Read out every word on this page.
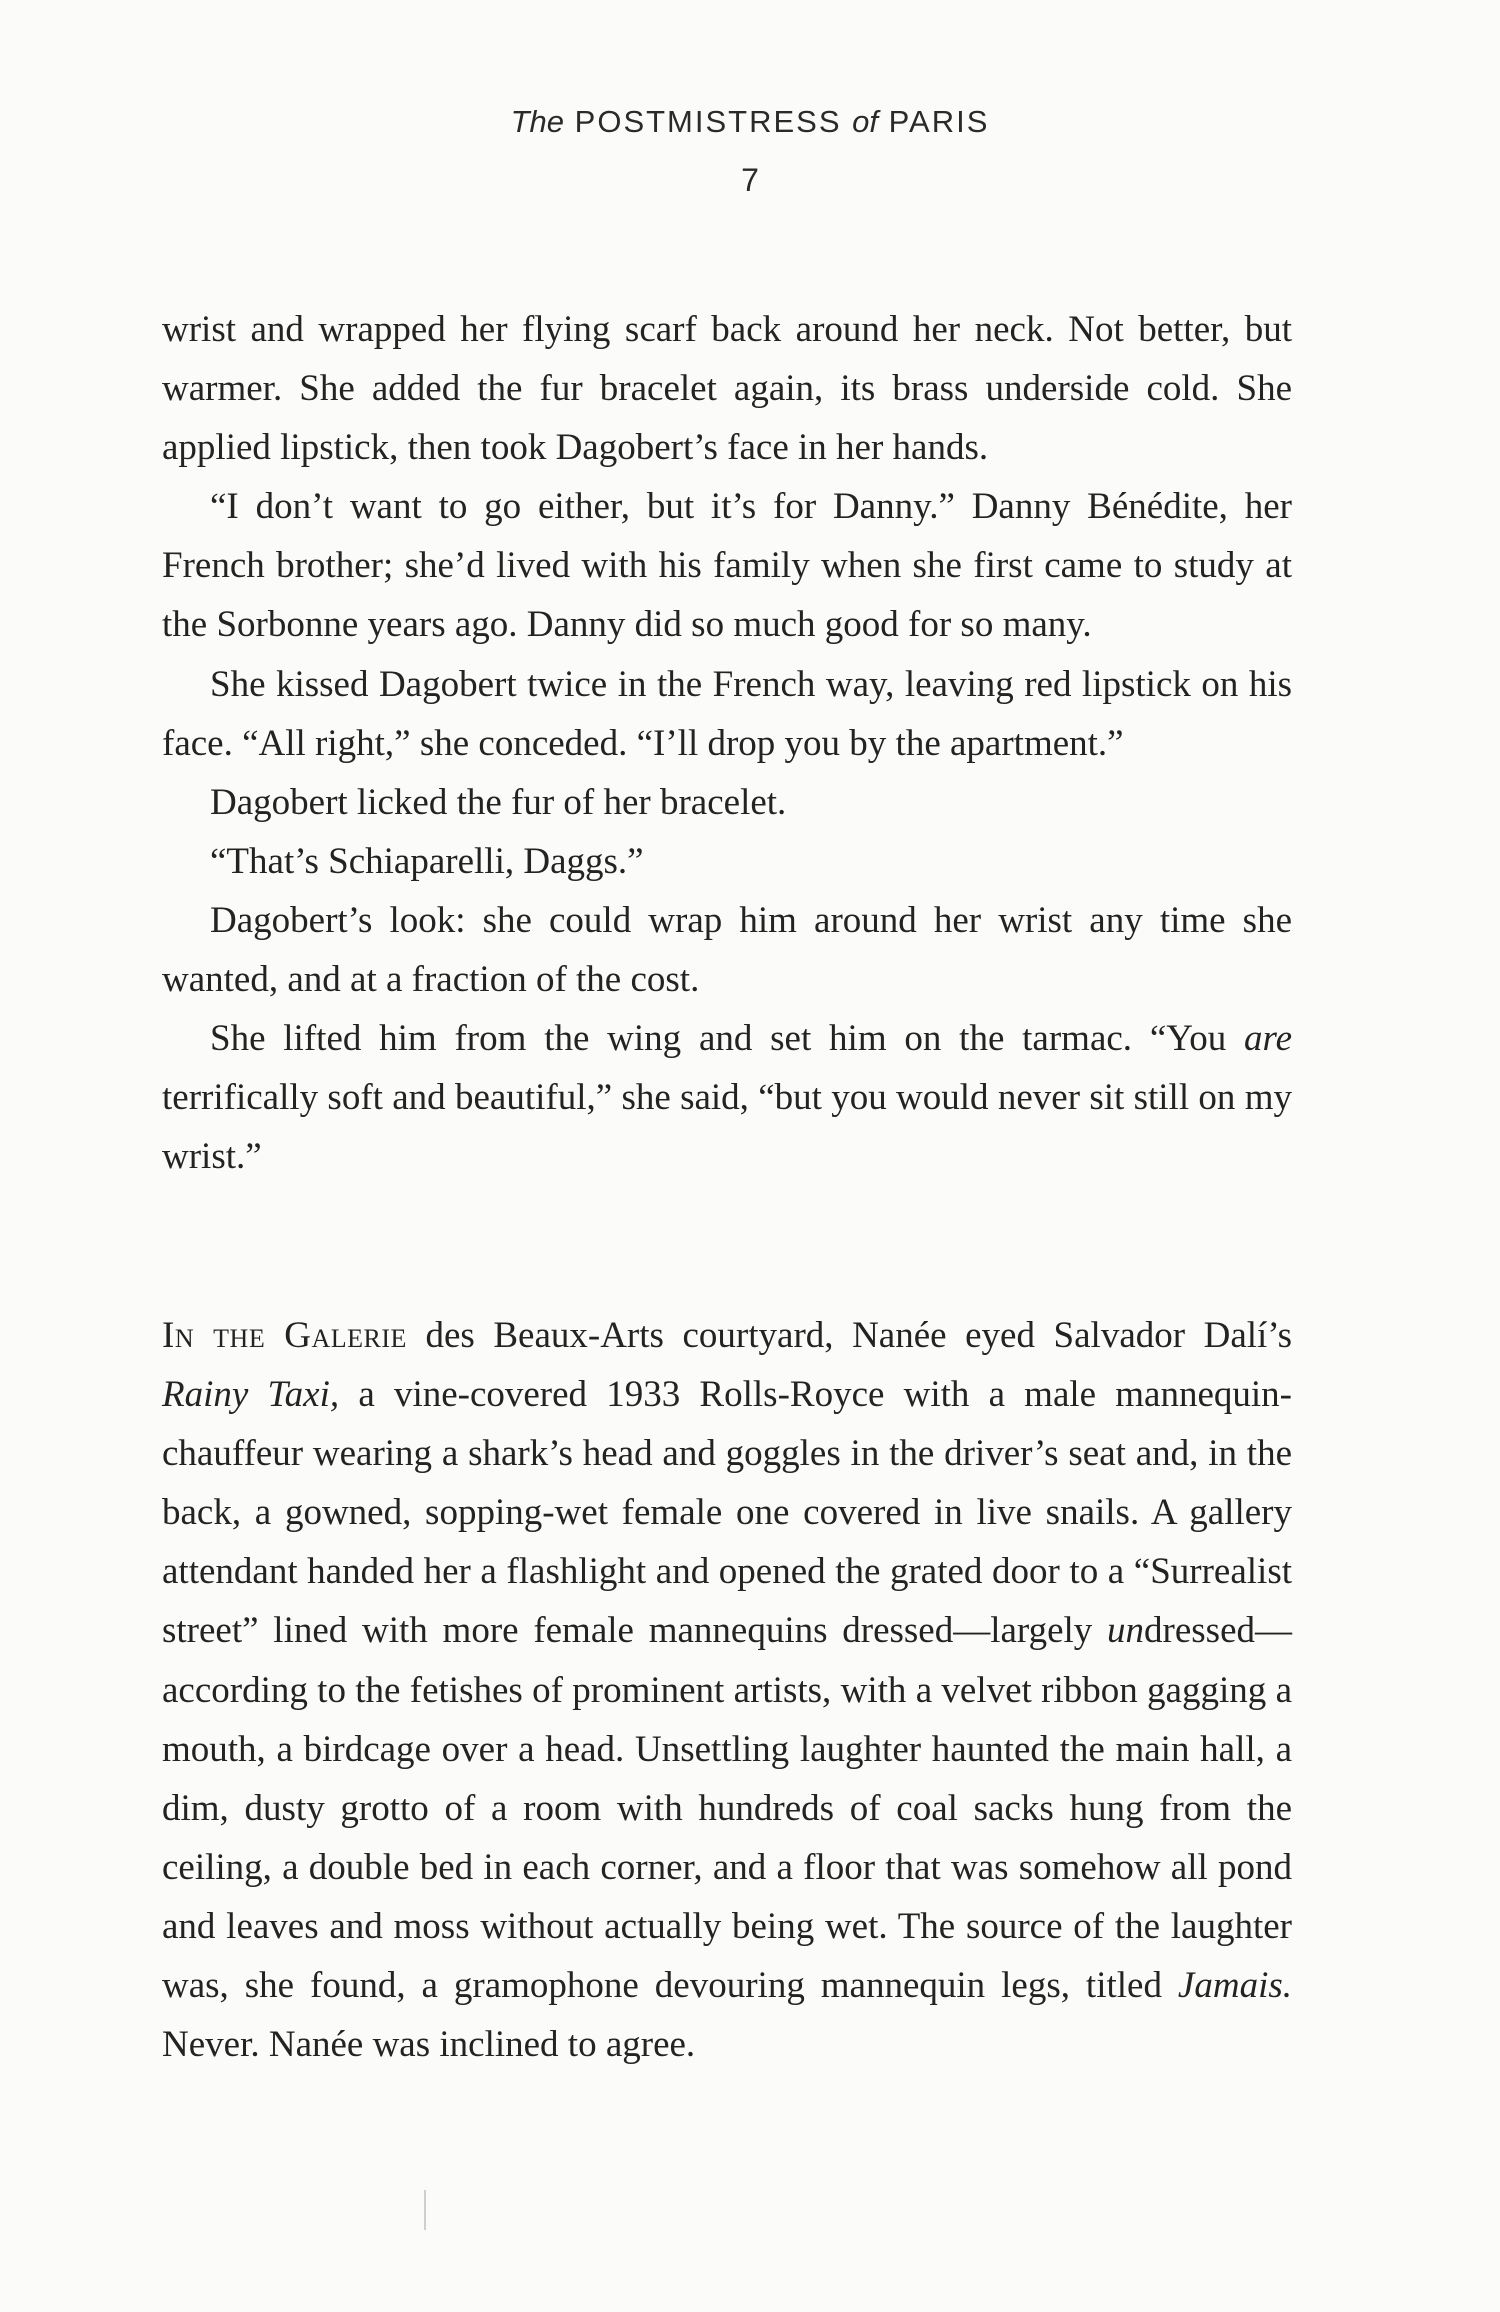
The POSTMISTRESS of PARIS
7

wrist and wrapped her flying scarf back around her neck. Not better, but warmer. She added the fur bracelet again, its brass underside cold. She applied lipstick, then took Dagobert’s face in her hands.

“I don’t want to go either, but it’s for Danny.” Danny Bénédite, her French brother; she’d lived with his family when she first came to study at the Sorbonne years ago. Danny did so much good for so many.

She kissed Dagobert twice in the French way, leaving red lipstick on his face. “All right,” she conceded. “I’ll drop you by the apartment.”

Dagobert licked the fur of her bracelet.

“That’s Schiaparelli, Daggs.”

Dagobert’s look: she could wrap him around her wrist any time she wanted, and at a fraction of the cost.

She lifted him from the wing and set him on the tarmac. “You are terrifically soft and beautiful,” she said, “but you would never sit still on my wrist.”

In the Galerie des Beaux-Arts courtyard, Nanée eyed Salvador Dalí’s Rainy Taxi, a vine-covered 1933 Rolls-Royce with a male mannequin-chauffeur wearing a shark’s head and goggles in the driver’s seat and, in the back, a gowned, sopping-wet female one covered in live snails. A gallery attendant handed her a flashlight and opened the grated door to a “Surrealist street” lined with more female mannequins dressed—largely undressed—according to the fetishes of prominent artists, with a velvet ribbon gagging a mouth, a birdcage over a head. Unsettling laughter haunted the main hall, a dim, dusty grotto of a room with hundreds of coal sacks hung from the ceiling, a double bed in each corner, and a floor that was somehow all pond and leaves and moss without actually being wet. The source of the laughter was, she found, a gramophone devouring mannequin legs, titled Jamais. Never. Nanée was inclined to agree.
